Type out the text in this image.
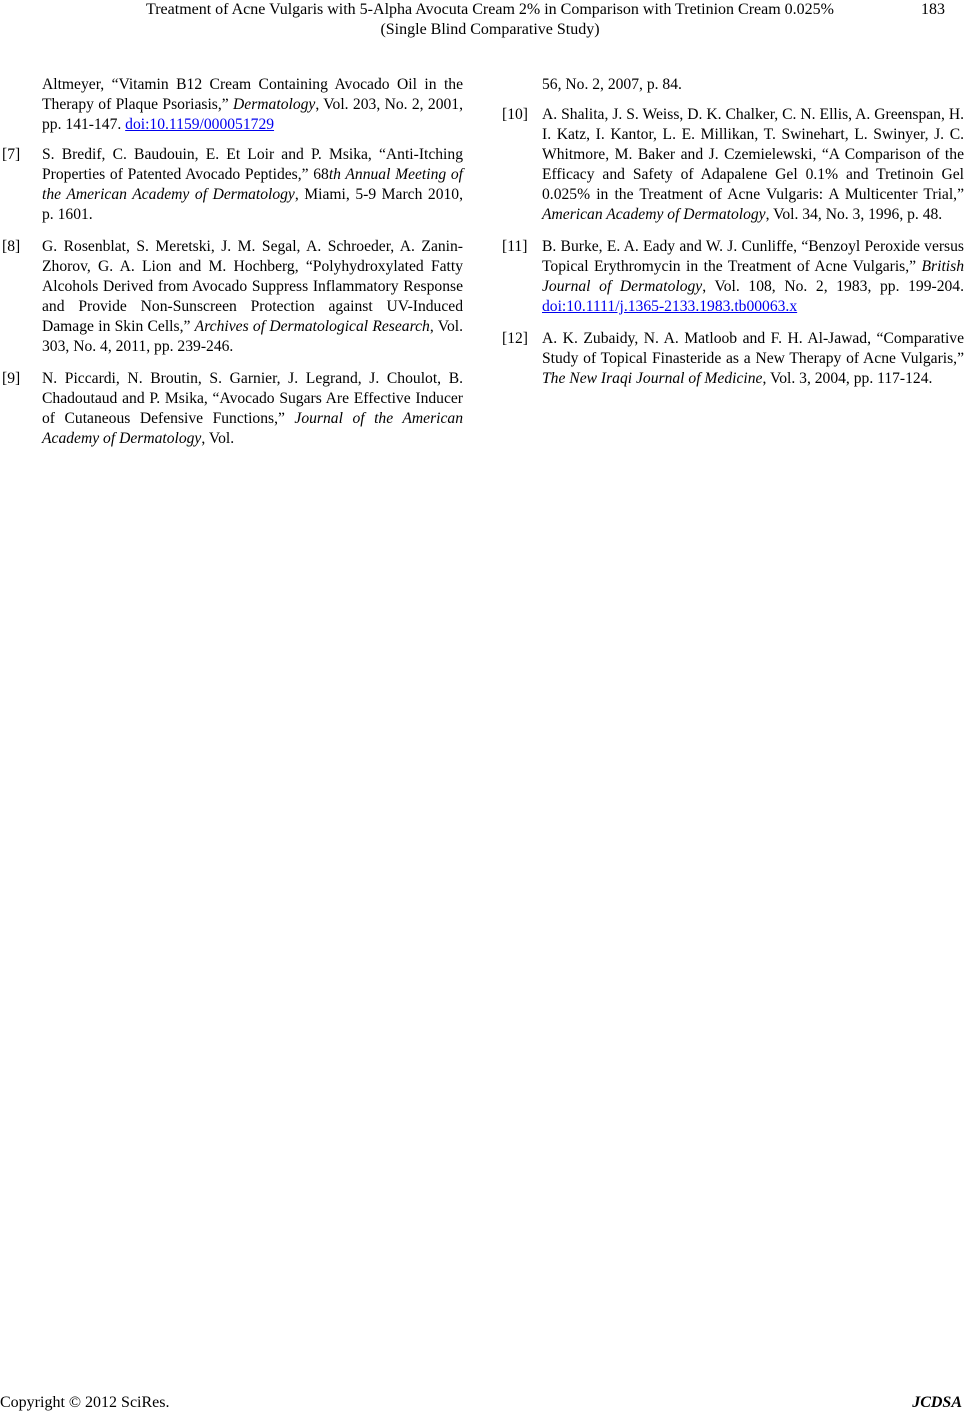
Treatment of Acne Vulgaris with 5-Alpha Avocuta Cream 2% in Comparison with Tretinion Cream 0.025%
(Single Blind Comparative Study)
183
Altmeyer, “Vitamin B12 Cream Containing Avocado Oil in the Therapy of Plaque Psoriasis,” Dermatology, Vol. 203, No. 2, 2001, pp. 141-147. doi:10.1159/000051729
[7] S. Bredif, C. Baudouin, E. Et Loir and P. Msika, “Anti-Itching Properties of Patented Avocado Peptides,” 68th Annual Meeting of the American Academy of Dermatology, Miami, 5-9 March 2010, p. 1601.
[8] G. Rosenblat, S. Meretski, J. M. Segal, A. Schroeder, A. Zanin-Zhorov, G. A. Lion and M. Hochberg, “Polyhydroxylated Fatty Alcohols Derived from Avocado Suppress Inflammatory Response and Provide Non-Sunscreen Protection against UV-Induced Damage in Skin Cells,” Archives of Dermatological Research, Vol. 303, No. 4, 2011, pp. 239-246.
[9] N. Piccardi, N. Broutin, S. Garnier, J. Legrand, J. Choulot, B. Chadoutaud and P. Msika, “Avocado Sugars Are Effective Inducer of Cutaneous Defensive Functions,” Journal of the American Academy of Dermatology, Vol.
56, No. 2, 2007, p. 84.
[10] A. Shalita, J. S. Weiss, D. K. Chalker, C. N. Ellis, A. Greenspan, H. I. Katz, I. Kantor, L. E. Millikan, T. Swinehart, L. Swinyer, J. C. Whitmore, M. Baker and J. Czemielewski, “A Comparison of the Efficacy and Safety of Adapalene Gel 0.1% and Tretinoin Gel 0.025% in the Treatment of Acne Vulgaris: A Multicenter Trial,” American Academy of Dermatology, Vol. 34, No. 3, 1996, p. 48.
[11] B. Burke, E. A. Eady and W. J. Cunliffe, “Benzoyl Peroxide versus Topical Erythromycin in the Treatment of Acne Vulgaris,” British Journal of Dermatology, Vol. 108, No. 2, 1983, pp. 199-204. doi:10.1111/j.1365-2133.1983.tb00063.x
[12] A. K. Zubaidy, N. A. Matloob and F. H. Al-Jawad, “Comparative Study of Topical Finasteride as a New Therapy of Acne Vulgaris,” The New Iraqi Journal of Medicine, Vol. 3, 2004, pp. 117-124.
Copyright © 2012 SciRes.	JCDSA
